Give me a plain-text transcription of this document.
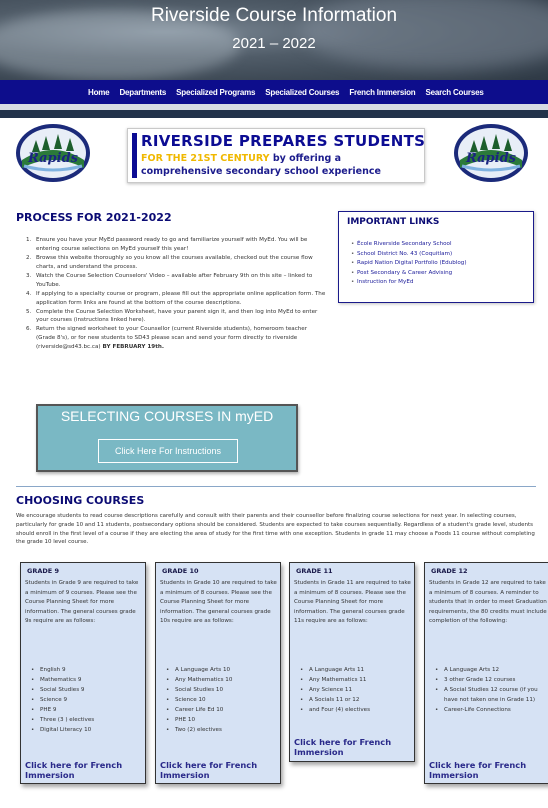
Riverside Course Information
2021 – 2022
Home Departments Specialized Programs Specialized Courses French Immersion Search Courses
Rapids	Rapids
RIVERSIDE PREPARES STUDENTS
FOR THE 21ST CENTURY by offering a
comprehensive secondary school experience
PROCESS FOR 2021-2022
1. Ensure you have your MyEd password ready to go and familiarize yourself with MyEd. You will be entering course selections on MyEd yourself this year!
2. Browse this website thoroughly so you know all the courses available, checked out the course flow charts, and understand the process.
3. Watch the Course Selection Counselors' Video – available after February 9th on this site – linked to YouTube.
4. If applying to a specialty course or program, please fill out the appropriate online application form. The application form links are found at the bottom of the course descriptions.
5. Complete the Course Selection Worksheet, have your parent sign it, and then log into MyEd to enter your courses (instructions linked here).
6. Return the signed worksheet to your Counsellor (current Riverside students), homeroom teacher (Grade 8's), or for new students to SD43 please scan and send your form directly to riverside (riverside@sd43.bc.ca) BY FEBRUARY 19th.
IMPORTANT LINKS
• École Riverside Secondary School
• School District No. 43 (Coquitlam)
• Rapid Nation Digital Portfolio (Edublog)
• Post Secondary & Career Advising
• Instruction for MyEd
SELECTING COURSES IN myED
Click Here For Instructions
CHOOSING COURSES

We encourage students to read course descriptions carefully and consult with their parents and their counsellor before finalizing course selections for next year. In selecting courses, particularly for grade 10 and 11 students, postsecondary options should be considered. Students are expected to take courses sequentially. Regardless of a student's grade level, students should enroll in the first level of a course if they are electing the area of study for the first time with one exception. Students in grade 11 may choose a Foods 11 course without completing the grade 10 level course.

GRADE 9
Students in Grade 9 are required to take a minimum of 9 courses. Please see the Course Planning Sheet for more information. The general courses grade 9s require are as follows:
• English 9
• Mathematics 9
• Social Studies 9
• Science 9
• PHE 9
• Three (3 ) electives
• Digital Literacy 10
Click here for French Immersion
GRADE 10
Students in Grade 10 are required to take a minimum of 8 courses. Please see the Course Planning Sheet for more information. The general courses grade 10s require are as follows:
• A Language Arts 10
• Any Mathematics 10
• Social Studies 10
• Science 10
• Career Life Ed 10
• PHE 10
• Two (2) electives
Click here for French Immersion
GRADE 11
Students in Grade 11 are required to take a minimum of 8 courses. Please see the Course Planning Sheet for more information. The general courses grade 11s require are as follows:
• A Language Arts 11
• Any Mathematics 11
• Any Science 11
• A Socials 11 or 12
• and Four (4) electives
Click here for French Immersion
GRADE 12
Students in Grade 12 are required to take a minimum of 8 courses. A reminder to students that in order to meet Graduation requirements, the 80 credits must include completion of the following:
• A Language Arts 12
• 3 other Grade 12 courses
• A Social Studies 12 course (if you have not taken one in Grade 11)
• Career-Life Connections
Click here for French Immersion
